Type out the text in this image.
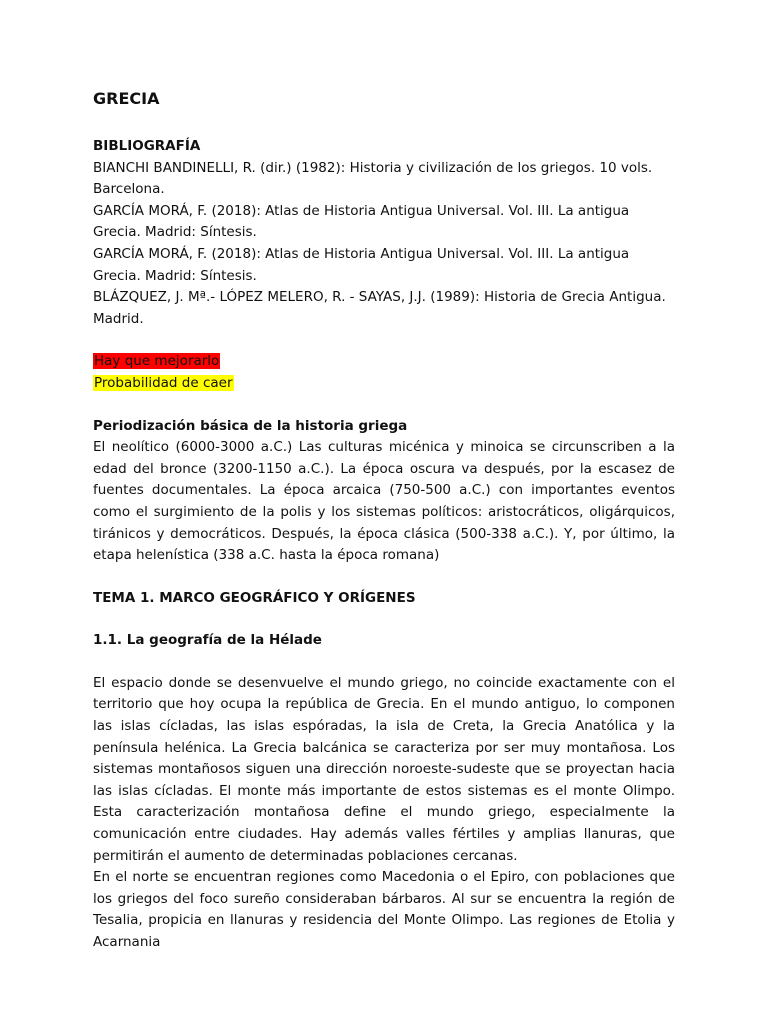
GRECIA
BIBLIOGRAFÍA
BIANCHI BANDINELLI, R. (dir.) (1982): Historia y civilización de los griegos. 10 vols. Barcelona.
GARCÍA MORÁ, F. (2018): Atlas de Historia Antigua Universal. Vol. III. La antigua Grecia. Madrid: Síntesis.
GARCÍA MORÁ, F. (2018): Atlas de Historia Antigua Universal. Vol. III. La antigua Grecia. Madrid: Síntesis.
BLÁZQUEZ, J. Mª.- LÓPEZ MELERO, R. - SAYAS, J.J. (1989): Historia de Grecia Antigua. Madrid.
Hay que mejorarlo
Probabilidad de caer
Periodización básica de la historia griega

El neolítico (6000-3000 a.C.) Las culturas micénica y minoica se circunscriben a la edad del bronce (3200-1150 a.C.). La época oscura va después, por la escasez de fuentes documentales. La época arcaica (750-500 a.C.) con importantes eventos como el surgimiento de la polis y los sistemas políticos: aristocráticos, oligárquicos, tiránicos y democráticos. Después, la época clásica (500-338 a.C.). Y, por último, la etapa helenística (338 a.C. hasta la época romana)

TEMA 1. MARCO GEOGRÁFICO Y ORÍGENES
1.1. La geografía de la Hélade

El espacio donde se desenvuelve el mundo griego, no coincide exactamente con el territorio que hoy ocupa la república de Grecia. En el mundo antiguo, lo componen las islas cícladas, las islas espóradas, la isla de Creta, la Grecia Anatólica y la península helénica. La Grecia balcánica se caracteriza por ser muy montañosa. Los sistemas montañosos siguen una dirección noroeste-sudeste que se proyectan hacia las islas cícladas. El monte más importante de estos sistemas es el monte Olimpo. Esta caracterización montañosa define el mundo griego, especialmente la comunicación entre ciudades. Hay además valles fértiles y amplias llanuras, que permitirán el aumento de determinadas poblaciones cercanas.

En el norte se encuentran regiones como Macedonia o el Epiro, con poblaciones que los griegos del foco sureño consideraban bárbaros. Al sur se encuentra la región de Tesalia, propicia en llanuras y residencia del Monte Olimpo. Las regiones de Etolia y Acarnania
